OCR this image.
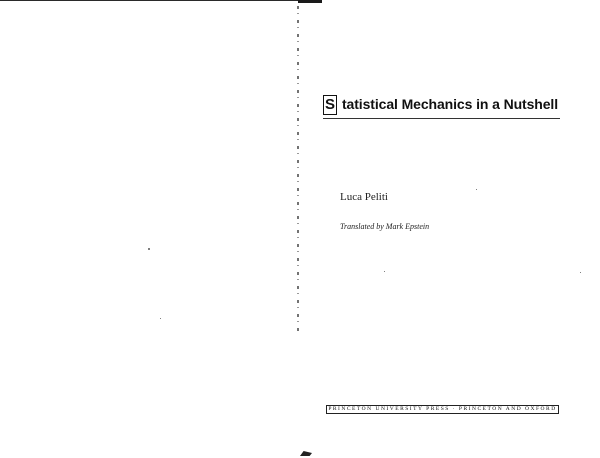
S tatistical Mechanics in a Nutshell
Luca Peliti
Translated by Mark Epstein
PRINCETON UNIVERSITY PRESS · PRINCETON AND OXFORD
